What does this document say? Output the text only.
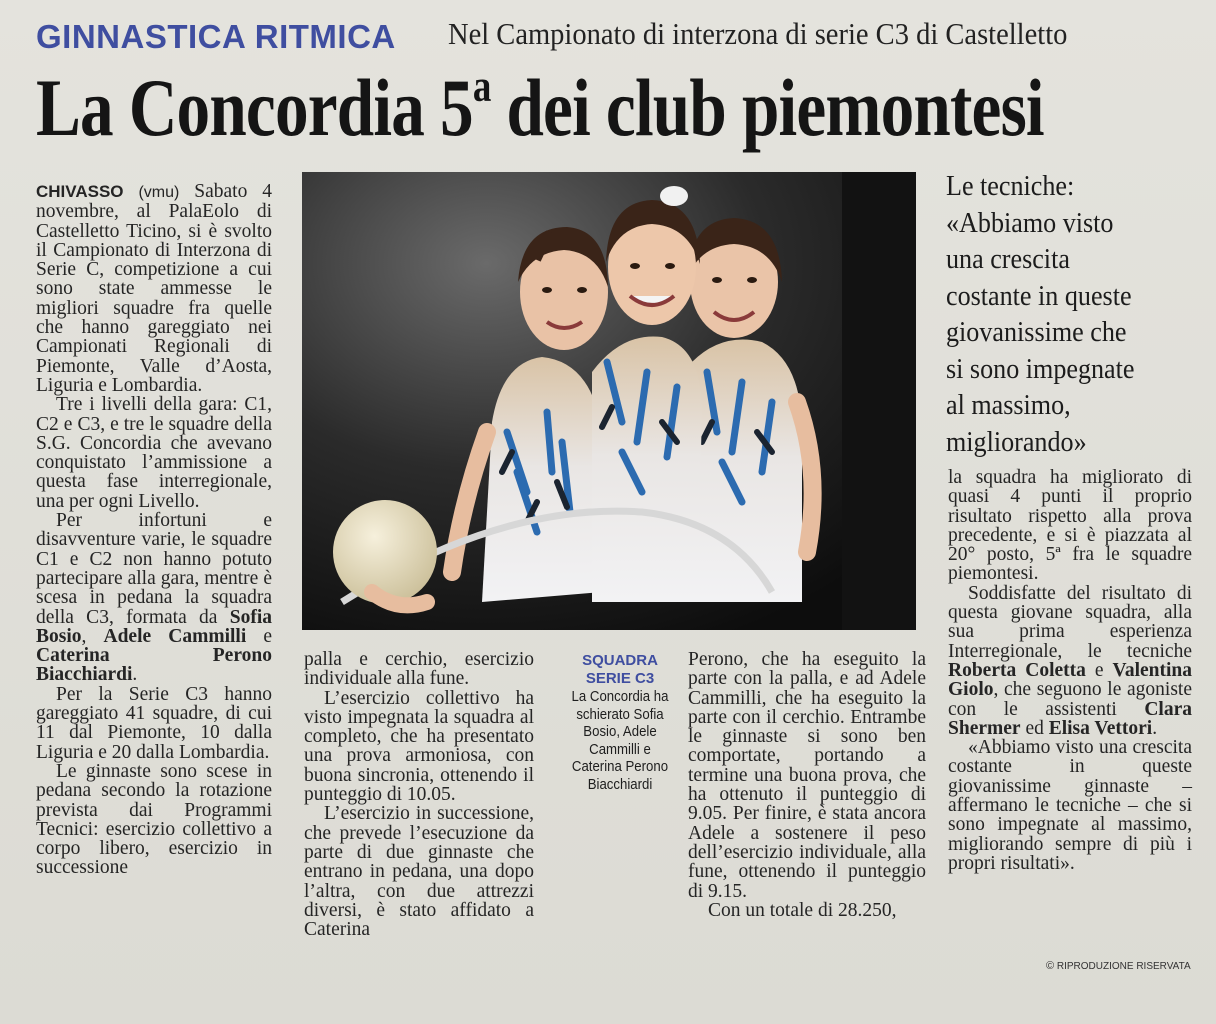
GINNASTICA RITMICA Nel Campionato di interzona di serie C3 di Castelletto
La Concordia 5$^a$ dei club piemontesi

CHIVASSO (vmu) Sabato 4 novembre, al PalaEolo di Castelletto Ticino, si è svolto il Campionato di Interzona di Serie C, competizione a cui sono state ammesse le migliori squadre fra quelle che hanno gareggiato nei Campionati Regionali di Piemonte, Valle d’Aosta, Liguria e Lombardia.

Tre i livelli della gara: C1, C2 e C3, e tre le squadre della S.G. Concordia che avevano conquistato l’ammissione a questa fase interregionale, una per ogni Livello.

Per infortuni e disavventure varie, le squadre C1 e C2 non hanno potuto partecipare alla gara, mentre è scesa in pedana la squadra della C3, formata da Sofia Bosio, Adele Cammilli e Caterina Perono Biacchiardi.

Per la Serie C3 hanno gareggiato 41 squadre, di cui 11 dal Piemonte, 10 dalla Liguria e 20 dalla Lombardia.

Le ginnaste sono scese in pedana secondo la rotazione prevista dai Programmi Tecnici: esercizio collettivo a corpo libero, esercizio in successione

palla e cerchio, esercizio individuale alla fune.

L’esercizio collettivo ha visto impegnata la squadra al completo, che ha presentato una prova armoniosa, con buona sincronia, ottenendo il punteggio di 10.05.

L’esercizio in successione, che prevede l’esecuzione da parte di due ginnaste che entrano in pedana, una dopo l’altra, con due attrezzi diversi, è stato affidato a Caterina

SQUADRA
SERIE C3
La Concordia ha schierato Sofia Bosio, Adele Cammilli e Caterina Perono Biacchiardi

Perono, che ha eseguito la parte con la palla, e ad Adele Cammilli, che ha eseguito la parte con il cerchio. Entrambe le ginnaste si sono ben comportate, portando a termine una buona prova, che ha ottenuto il punteggio di 9.05. Per finire, è stata ancora Adele a sostenere il peso dell’esercizio individuale, alla fune, ottenendo il punteggio di 9.15.

Con un totale di 28.250,

Le tecniche:
«Abbiamo visto
una crescita
costante in queste
giovanissime che
si sono impegnate
al massimo,
migliorando»

la squadra ha migliorato di quasi 4 punti il proprio risultato rispetto alla prova precedente, e si è piazzata al 20° posto, 5ª fra le squadre piemontesi.

Soddisfatte del risultato di questa giovane squadra, alla sua prima esperienza Interregionale, le tecniche Roberta Coletta e Valentina Giolo, che seguono le agoniste con le assistenti Clara Shermer ed Elisa Vettori.

«Abbiamo visto una crescita costante in queste giovanissime ginnaste – affermano le tecniche – che si sono impegnate al massimo, migliorando sempre di più i propri risultati».

© RIPRODUZIONE RISERVATA
